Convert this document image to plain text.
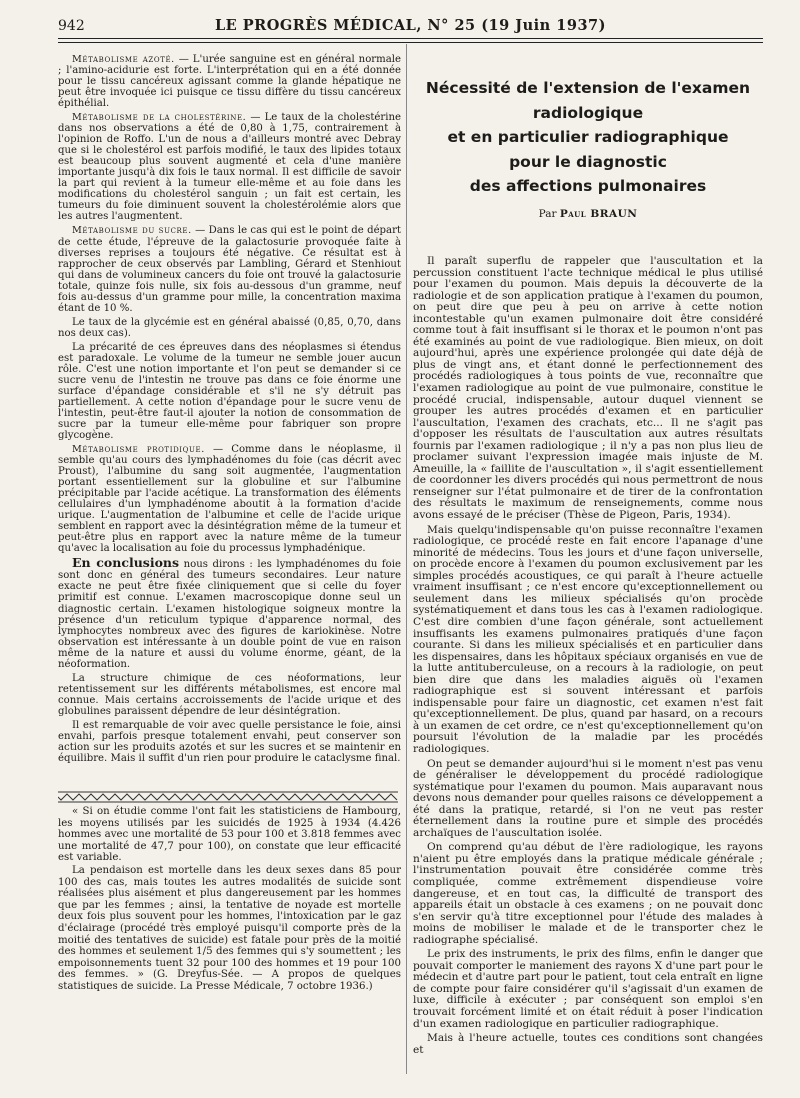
942	LE PROGRÈS MÉDICAL, N° 25 (19 Juin 1937)

Métabolisme azoté. — L'urée sanguine est en général normale ; l'amino-acidurie est forte. L'interprétation qui en a été donnée pour le tissu cancéreux agissant comme la glande hépatique ne peut être invoquée ici puisque ce tissu diffère du tissu cancéreux épithélial.

Métabolisme de la cholestérine. — Le taux de la cholestérine dans nos observations a été de 0,80 à 1,75, contrairement à l'opinion de Roffo. L'un de nous a d'ailleurs montré avec Debray que si le cholestérol est parfois modifié, le taux des lipides totaux est beaucoup plus souvent augmenté et cela d'une manière importante jusqu'à dix fois le taux normal. Il est difficile de savoir la part qui revient à la tumeur elle-même et au foie dans les modifications du cholestérol sanguin ; un fait est certain, les tumeurs du foie diminuent souvent la cholestérolémie alors que les autres l'augmentent.

Métabolisme du sucre. — Dans le cas qui est le point de départ de cette étude, l'épreuve de la galactosurie provoquée faite à diverses reprises a toujours été négative. Ce résultat est à rapprocher de ceux observés par Lambling, Gérard et Stenhiout qui dans de volumineux cancers du foie ont trouvé la galactosurie totale, quinze fois nulle, six fois au-dessous d'un gramme, neuf fois au-dessus d'un gramme pour mille, la concentration maxima étant de 10 %.

Le taux de la glycémie est en général abaissé (0,85, 0,70, dans nos deux cas).

La précarité de ces épreuves dans des néoplasmes si étendus est paradoxale. Le volume de la tumeur ne semble jouer aucun rôle. C'est une notion importante et l'on peut se demander si ce sucre venu de l'intestin ne trouve pas dans ce foie énorme une surface d'épandage considérable et s'il ne s'y détruit pas partiellement. A cette notion d'épandage pour le sucre venu de l'intestin, peut-être faut-il ajouter la notion de consommation de sucre par la tumeur elle-même pour fabriquer son propre glycogène.

Métabolisme protidique. — Comme dans le néoplasme, il semble qu'au cours des lymphadénomes du foie (cas décrit avec Proust), l'albumine du sang soit augmentée, l'augmentation portant essentiellement sur la globuline et sur l'albumine précipitable par l'acide acétique. La transformation des éléments cellulaires d'un lymphadénome aboutit à la formation d'acide urique. L'augmentation de l'albumine et celle de l'acide urique semblent en rapport avec la désintégration même de la tumeur et peut-être plus en rapport avec la nature même de la tumeur qu'avec la localisation au foie du processus lymphadénique.

En conclusions nous dirons : les lymphadénomes du foie sont donc en général des tumeurs secondaires. Leur nature exacte ne peut être fixée cliniquement que si celle du foyer primitif est connue. L'examen macroscopique donne seul un diagnostic certain. L'examen histologique soigneux montre la présence d'un reticulum typique d'apparence normal, des lymphocytes nombreux avec des figures de kariokinèse. Notre observation est intéressante à un double point de vue en raison même de la nature et aussi du volume énorme, géant, de la néoformation.

La structure chimique de ces néoformations, leur retentissement sur les différents métabolismes, est encore mal connue. Mais certains accroissements de l'acide urique et des globulines paraissent dépendre de leur désintégration.

Il est remarquable de voir avec quelle persistance le foie, ainsi envahi, parfois presque totalement envahi, peut conserver son action sur les produits azotés et sur les sucres et se maintenir en équilibre. Mais il suffit d'un rien pour produire le cataclysme final.

« Si on étudie comme l'ont fait les statisticiens de Hambourg, les moyens utilisés par les suicidés de 1925 à 1934 (4.426 hommes avec une mortalité de 53 pour 100 et 3.818 femmes avec une mortalité de 47,7 pour 100), on constate que leur efficacité est variable.

La pendaison est mortelle dans les deux sexes dans 85 pour 100 des cas, mais toutes les autres modalités de suicide sont réalisées plus aisément et plus dangereusement par les hommes que par les femmes ; ainsi, la tentative de noyade est mortelle deux fois plus souvent pour les hommes, l'intoxication par le gaz d'éclairage (procédé très employé puisqu'il comporte près de la moitié des tentatives de suicide) est fatale pour près de la moitié des hommes et seulement 1/5 des femmes qui s'y soumettent ; les empoisonnements tuent 32 pour 100 des hommes et 19 pour 100 des femmes. » (G. Dreyfus-Sée. — A propos de quelques statistiques de suicide. La Presse Médicale, 7 octobre 1936.)

Nécessité de l'extension de l'examen
radiologique
et en particulier radiographique
pour le diagnostic
des affections pulmonaires
Par Paul BRAUN

Il paraît superflu de rappeler que l'auscultation et la percussion constituent l'acte technique médical le plus utilisé pour l'examen du poumon. Mais depuis la découverte de la radiologie et de son application pratique à l'examen du poumon, on peut dire que peu à peu on arrive à cette notion incontestable qu'un examen pulmonaire doit être considéré comme tout à fait insuffisant si le thorax et le poumon n'ont pas été examinés au point de vue radiologique. Bien mieux, on doit aujourd'hui, après une expérience prolongée qui date déjà de plus de vingt ans, et étant donné le perfectionnement des procédés radiologiques à tous points de vue, reconnaître que l'examen radiologique au point de vue pulmonaire, constitue le procédé crucial, indispensable, autour duquel viennent se grouper les autres procédés d'examen et en particulier l'auscultation, l'examen des crachats, etc... Il ne s'agit pas d'opposer les résultats de l'auscultation aux autres résultats fournis par l'examen radiologique ; il n'y a pas non plus lieu de proclamer suivant l'expression imagée mais injuste de M. Ameuille, la « faillite de l'auscultation », il s'agit essentiellement de coordonner les divers procédés qui nous permettront de nous renseigner sur l'état pulmonaire et de tirer de la confrontation des résultats le maximum de renseignements, comme nous avons essayé de le préciser (Thèse de Pigeon, Paris, 1934).

Mais quelqu'indispensable qu'on puisse reconnaître l'examen radiologique, ce procédé reste en fait encore l'apanage d'une minorité de médecins. Tous les jours et d'une façon universelle, on procède encore à l'examen du poumon exclusivement par les simples procédés acoustiques, ce qui paraît à l'heure actuelle vraiment insuffisant ; ce n'est encore qu'exceptionnellement ou seulement dans les milieux spécialisés qu'on procède systématiquement et dans tous les cas à l'examen radiologique. C'est dire combien d'une façon générale, sont actuellement insuffisants les examens pulmonaires pratiqués d'une façon courante. Si dans les milieux spécialisés et en particulier dans les dispensaires, dans les hôpitaux spéciaux organisés en vue de la lutte antituberculeuse, on a recours à la radiologie, on peut bien dire que dans les maladies aiguës où l'examen radiographique est si souvent intéressant et parfois indispensable pour faire un diagnostic, cet examen n'est fait qu'exceptionnellement. De plus, quand par hasard, on a recours à un examen de cet ordre, ce n'est qu'exceptionnellement qu'on poursuit l'évolution de la maladie par les procédés radiologiques.

On peut se demander aujourd'hui si le moment n'est pas venu de généraliser le développement du procédé radiologique systématique pour l'examen du poumon. Mais auparavant nous devons nous demander pour quelles raisons ce développement a été dans la pratique, retardé, si l'on ne veut pas rester éternellement dans la routine pure et simple des procédés archaïques de l'auscultation isolée.

On comprend qu'au début de l'ère radiologique, les rayons n'aient pu être employés dans la pratique médicale générale ; l'instrumentation pouvait être considérée comme très compliquée, comme extrêmement dispendieuse voire dangereuse, et en tout cas, la difficulté de transport des appareils était un obstacle à ces examens ; on ne pouvait donc s'en servir qu'à titre exceptionnel pour l'étude des malades à moins de mobiliser le malade et de le transporter chez le radiographe spécialisé.

Le prix des instruments, le prix des films, enfin le danger que pouvait comporter le maniement des rayons X d'une part pour le médecin et d'autre part pour le patient, tout cela entraît en ligne de compte pour faire considérer qu'il s'agissait d'un examen de luxe, difficile à exécuter ; par conséquent son emploi s'en trouvait forcément limité et on était réduit à poser l'indication d'un examen radiologique en particulier radiographique.

Mais à l'heure actuelle, toutes ces conditions sont changées et
